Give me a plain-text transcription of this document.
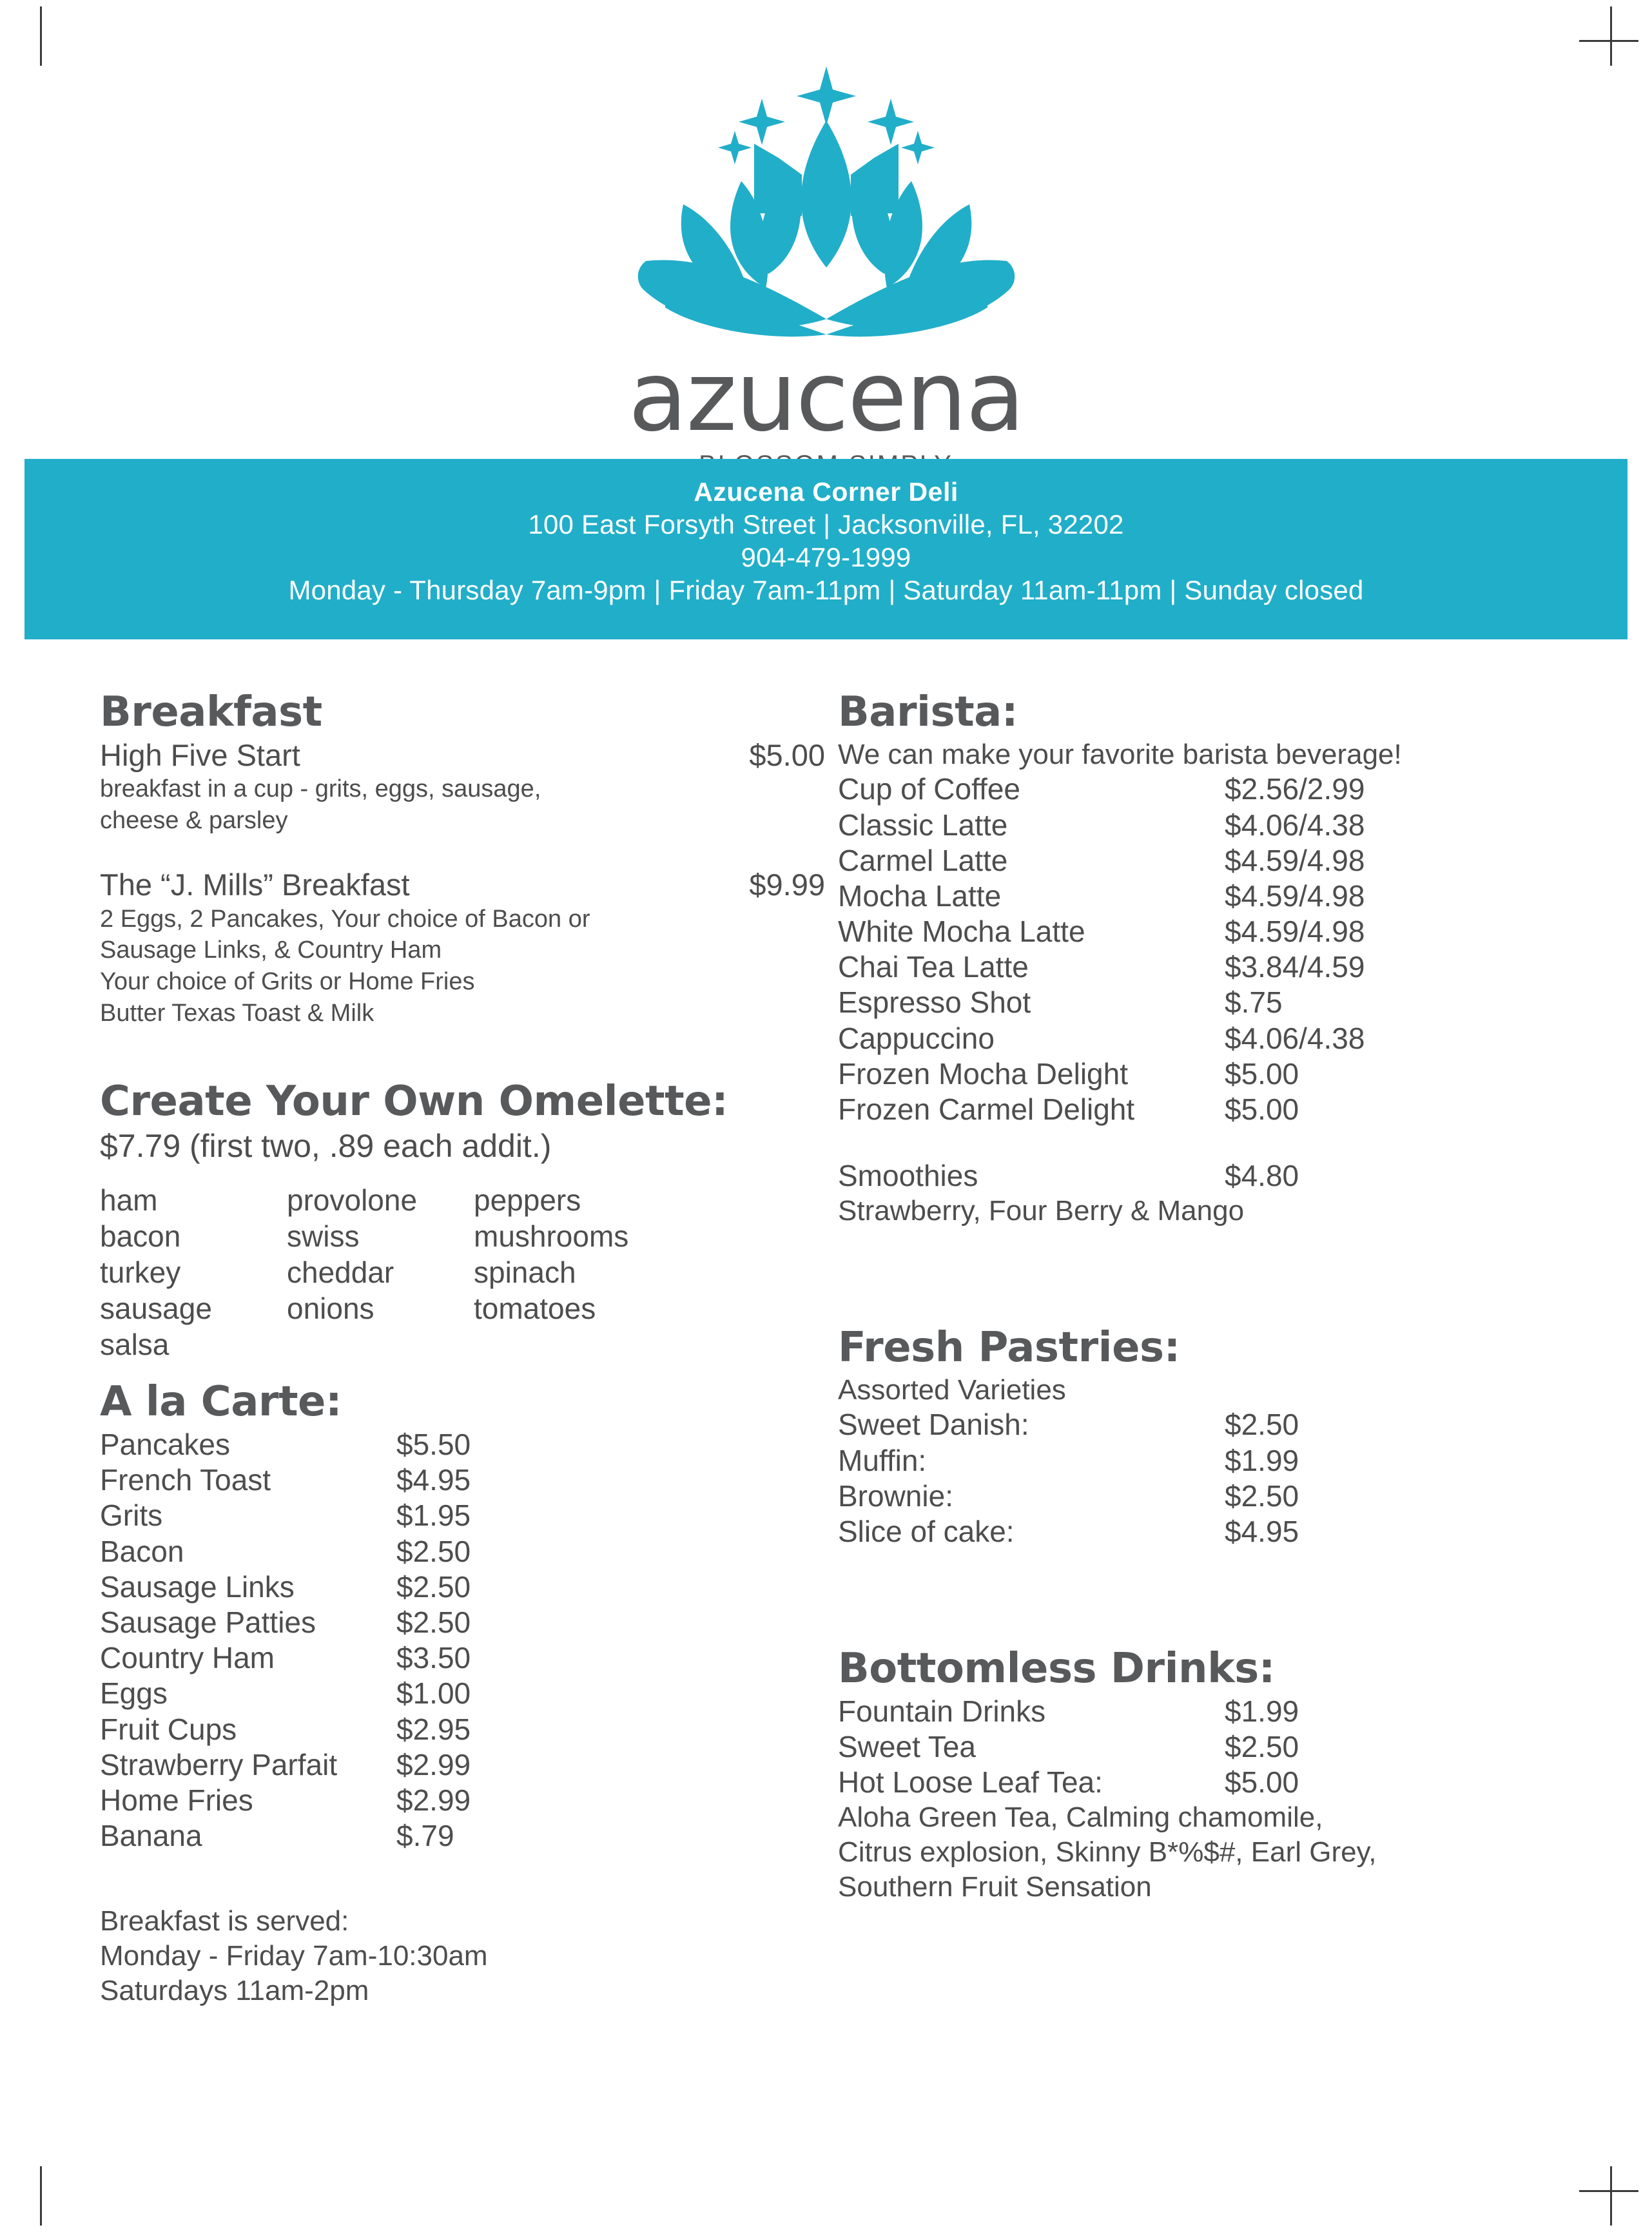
azucena
Azucena Corner Deli
100 East Forsyth Street | Jacksonville, FL, 32202
904-479-1999
Monday - Thursday 7am-9pm | Friday 7am-11pm | Saturday 11am-11pm | Sunday closed
Breakfast
High Five Start	$5.00
breakfast in a cup - grits, eggs, sausage,
cheese & parsley
The “J. Mills” Breakfast	$9.99
2 Eggs, 2 Pancakes, Your choice of Bacon or
Sausage Links, & Country Ham
Your choice of Grits or Home Fries
Butter Texas Toast & Milk
Create Your Own Omelette:
$7.79 (first two, .89 each addit.)
ham	provolone	peppers
bacon	swiss	mushrooms
turkey	cheddar	spinach
sausage	onions	tomatoes
salsa
A la Carte:
Pancakes	$5.50
French Toast	$4.95
Grits	$1.95
Bacon	$2.50
Sausage Links	$2.50
Sausage Patties	$2.50
Country Ham	$3.50
Eggs	$1.00
Fruit Cups	$2.95
Strawberry Parfait	$2.99
Home Fries	$2.99
Banana	$.79
Breakfast is served:
Monday - Friday 7am-10:30am
Saturdays 11am-2pm
Barista:
We can make your favorite barista beverage!
Cup of Coffee	$2.56/2.99
Classic Latte	$4.06/4.38
Carmel Latte	$4.59/4.98
Mocha Latte	$4.59/4.98
White Mocha Latte	$4.59/4.98
Chai Tea Latte	$3.84/4.59
Espresso Shot	$.75
Cappuccino	$4.06/4.38
Frozen Mocha Delight	$5.00
Frozen Carmel Delight	$5.00
Smoothies	$4.80
Strawberry, Four Berry & Mango
Fresh Pastries:
Assorted Varieties
Sweet Danish:	$2.50
Muffin:	$1.99
Brownie:	$2.50
Slice of cake:	$4.95
Bottomless Drinks:
Fountain Drinks	$1.99
Sweet Tea	$2.50
Hot Loose Leaf Tea:	$5.00
Aloha Green Tea, Calming chamomile,
Citrus explosion, Skinny B*%$#, Earl Grey,
Southern Fruit Sensation
